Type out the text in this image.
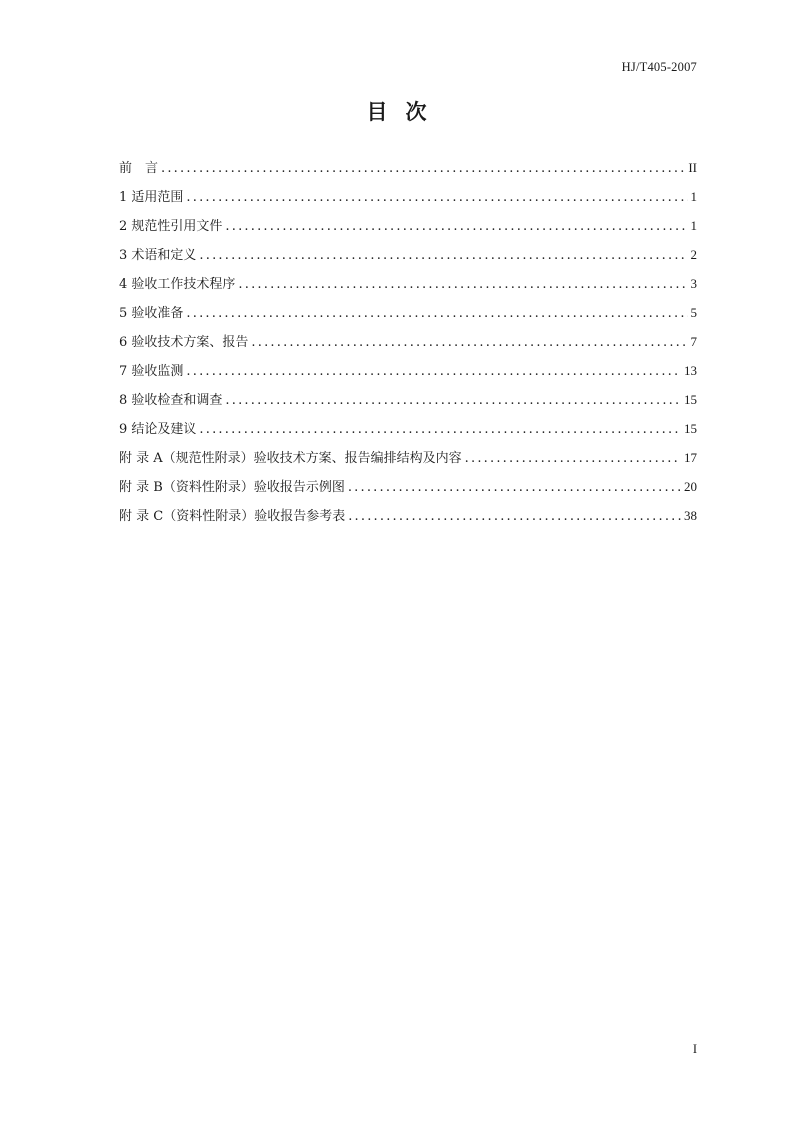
HJ/T405-2007
目 次
前　言 .....	II
1 适用范围 .....	1
2 规范性引用文件 .....	1
3 术语和定义 .....	2
4 验收工作技术程序 .....	3
5 验收准备 .....	5
6 验收技术方案、报告 .....	7
7 验收监测 .....	13
8 验收检查和调查 .....	15
9 结论及建议 .....	15
附 录 A（规范性附录）验收技术方案、报告编排结构及内容 .....	17
附 录 B（资料性附录）验收报告示例图 .....	20
附 录 C（资料性附录）验收报告参考表 .....	38
I
